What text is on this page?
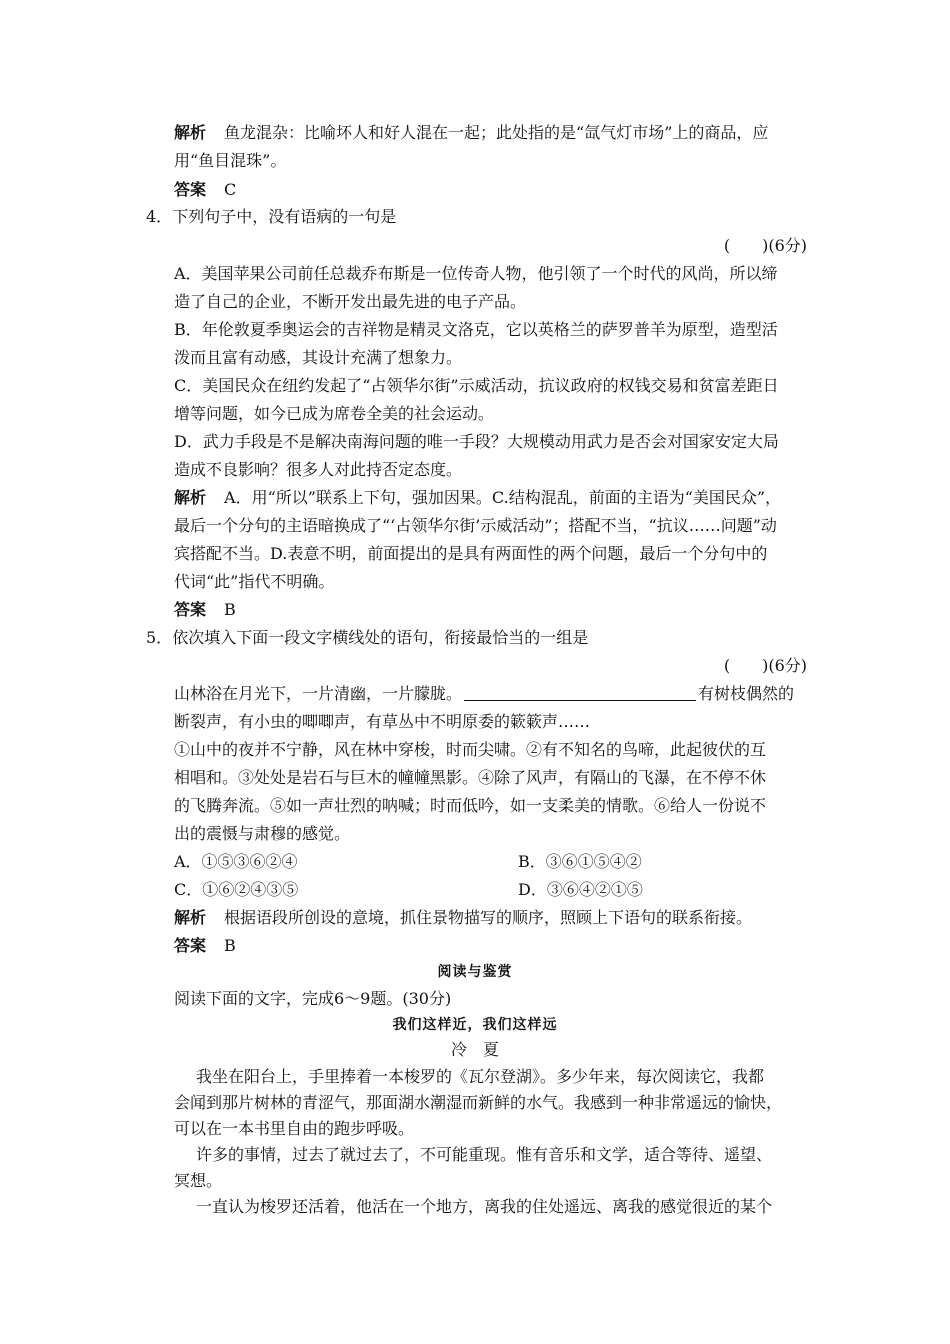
解析 鱼龙混杂：比喻坏人和好人混在一起；此处指的是“氙气灯市场”上的商品，应
用“鱼目混珠”。
答案 C
4．下列句子中，没有语病的一句是
( )(6分)
A．美国苹果公司前任总裁乔布斯是一位传奇人物，他引领了一个时代的风尚，所以缔
造了自己的企业，不断开发出最先进的电子产品。
B．年伦敦夏季奥运会的吉祥物是精灵文洛克，它以英格兰的萨罗普羊为原型，造型活
泼而且富有动感，其设计充满了想象力。
C．美国民众在纽约发起了“占领华尔街”示威活动，抗议政府的权钱交易和贫富差距日
增等问题，如今已成为席卷全美的社会运动。
D．武力手段是不是解决南海问题的唯一手段？大规模动用武力是否会对国家安定大局
造成不良影响？很多人对此持否定态度。
解析 A．用“所以”联系上下句，强加因果。C.结构混乱，前面的主语为“美国民众”，
最后一个分句的主语暗换成了“‘占领华尔街’示威活动”；搭配不当，“抗议……问题”动
宾搭配不当。D.表意不明，前面提出的是具有两面性的两个问题，最后一个分句中的
代词“此”指代不明确。
答案 B
5．依次填入下面一段文字横线处的语句，衔接最恰当的一组是
( )(6分)
山林浴在月光下，一片清幽，一片朦胧。	有树枝偶然的
断裂声，有小虫的唧唧声，有草丛中不明原委的簌簌声……
①山中的夜并不宁静，风在林中穿梭，时而尖啸。②有不知名的鸟啼，此起彼伏的互
相唱和。③处处是岩石与巨木的幢幢黑影。④除了风声，有隔山的飞瀑，在不停不休
的飞腾奔流。⑤如一声壮烈的呐喊；时而低吟，如一支柔美的情歌。⑥给人一份说不
出的震慑与肃穆的感觉。
A．①⑤③⑥②④	B．③⑥①⑤④②
C．①⑥②④③⑤	D．③⑥④②①⑤
解析 根据语段所创设的意境，抓住景物描写的顺序，照顾上下语句的联系衔接。
答案 B
阅读与鉴赏
阅读下面的文字，完成6～9题。(30分)
我们这样近，我们这样远
冷　夏
我坐在阳台上，手里捧着一本梭罗的《瓦尔登湖》。多少年来，每次阅读它，我都
会闻到那片树林的青涩气，那面湖水潮湿而新鲜的水气。我感到一种非常遥远的愉快，
可以在一本书里自由的跑步呼吸。
许多的事情，过去了就过去了，不可能重现。惟有音乐和文学，适合等待、遥望、
冥想。
一直认为梭罗还活着，他活在一个地方，离我的住处遥远、离我的感觉很近的某个
